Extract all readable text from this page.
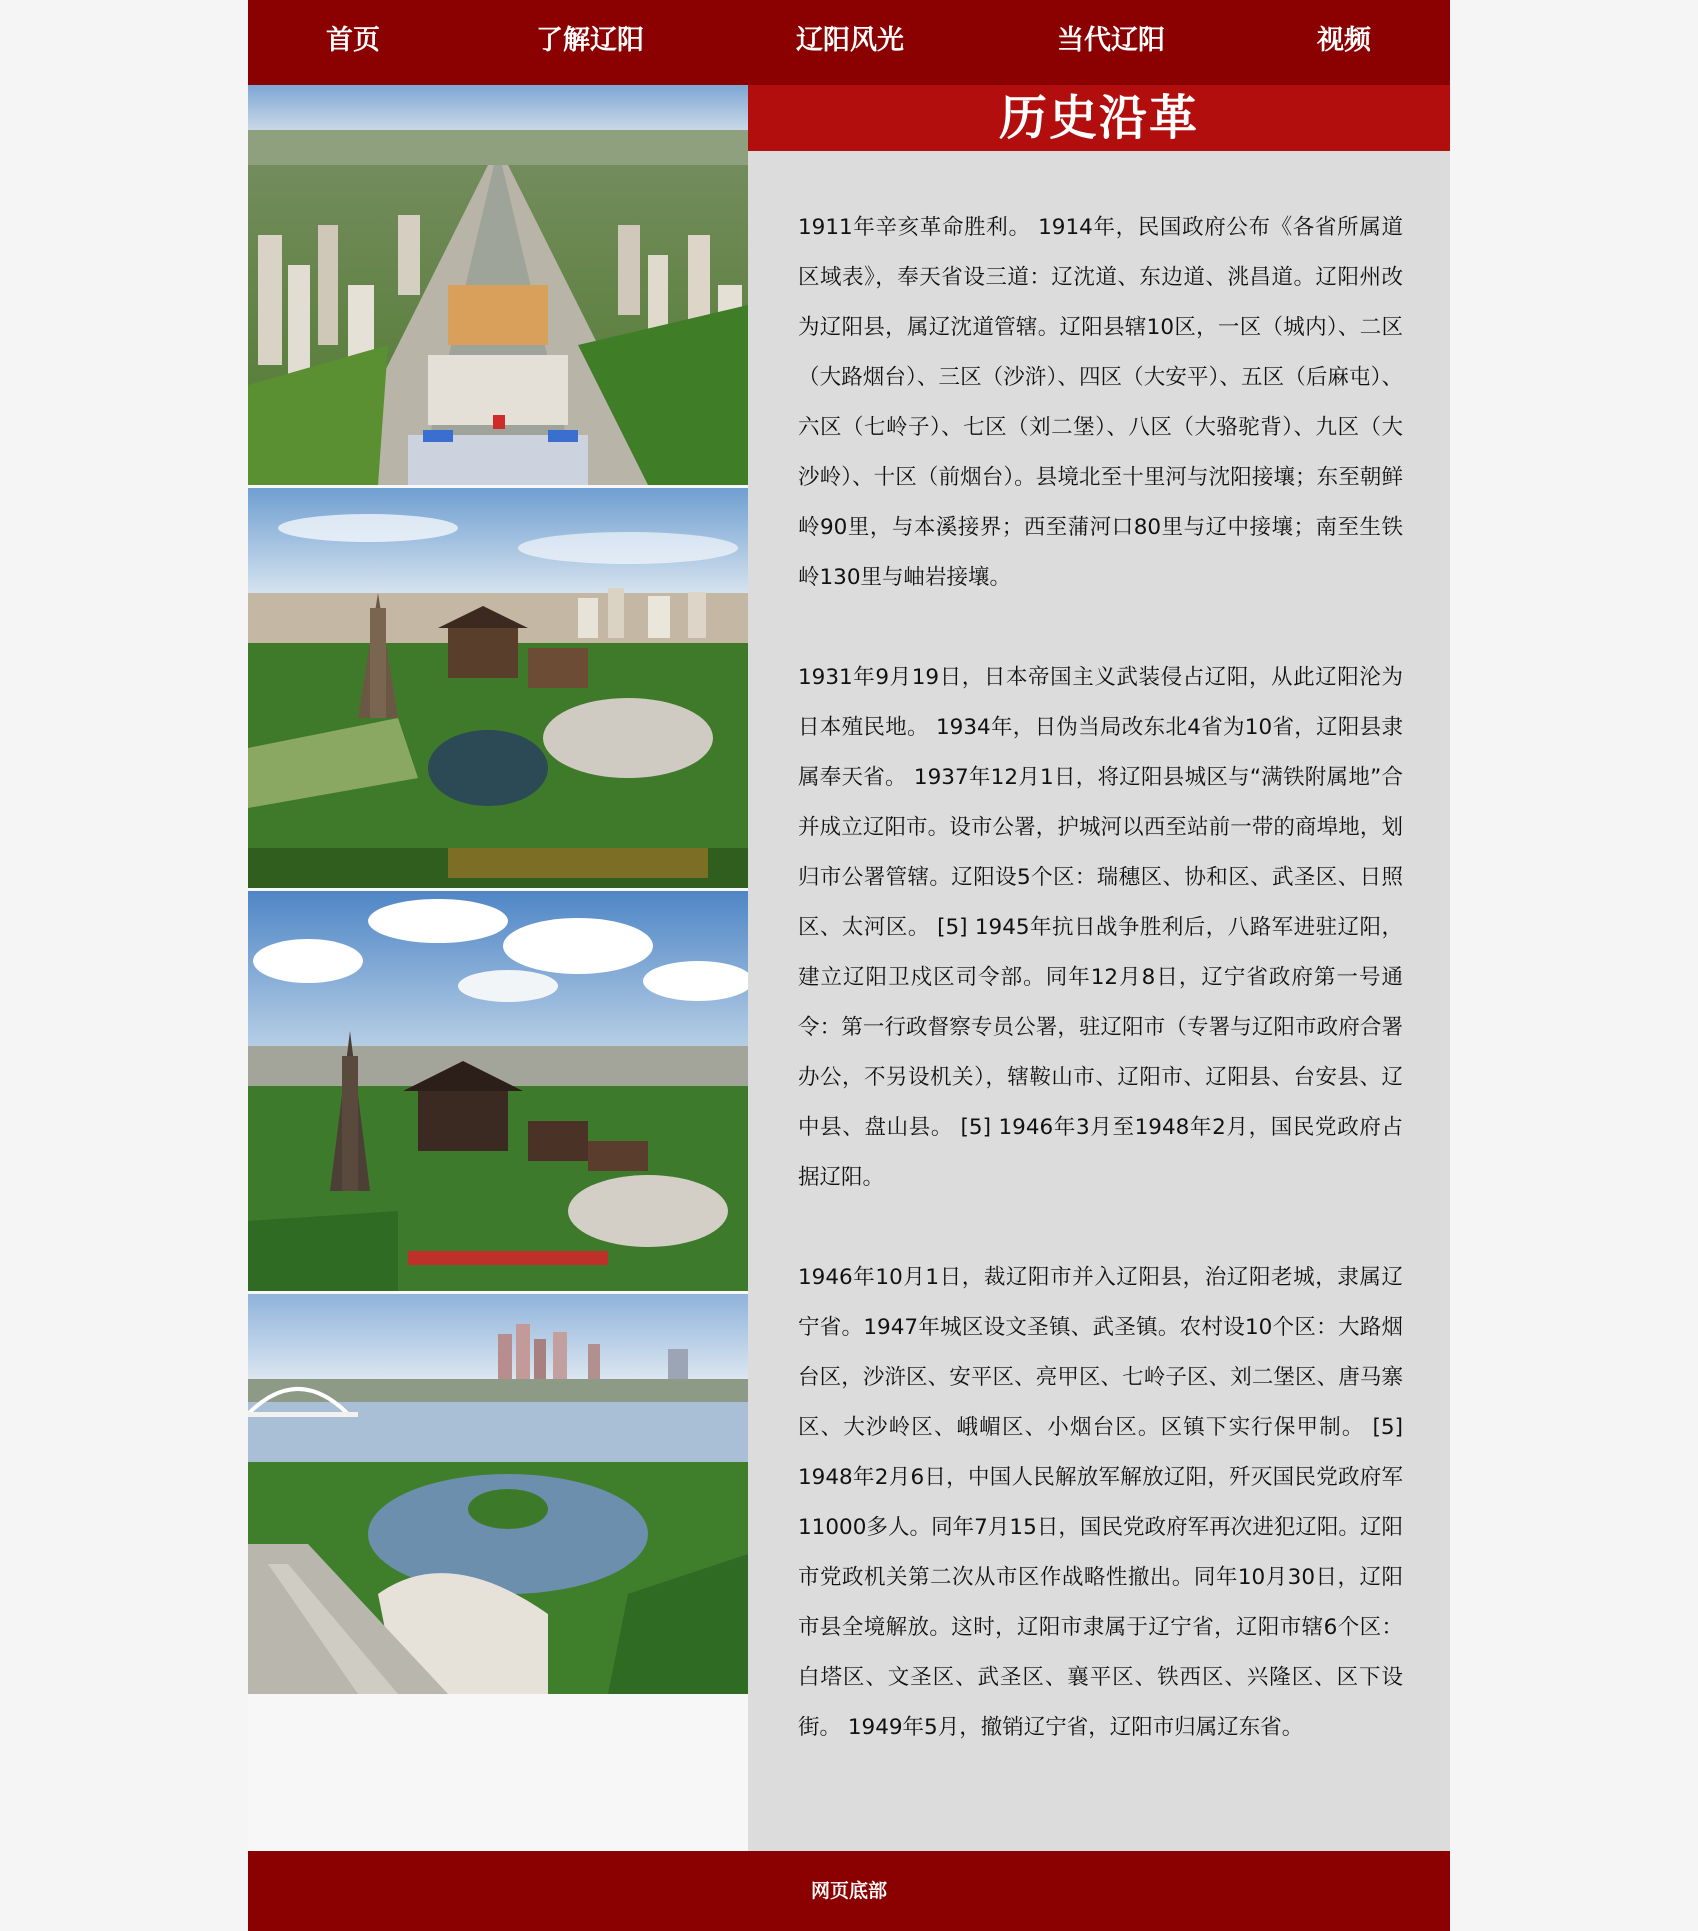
首页	了解辽阳	辽阳风光	当代辽阳	视频
历史沿革

1911年辛亥革命胜利。 1914年，民国政府公布《各省所属道区域表》，奉天省设三道：辽沈道、东边道、洮昌道。辽阳州改为辽阳县，属辽沈道管辖。辽阳县辖10区，一区（城内）、二区（大路烟台）、三区（沙浒）、四区（大安平）、五区（后麻屯）、六区（七岭子）、七区（刘二堡）、八区（大骆驼背）、九区（大沙岭）、十区（前烟台）。县境北至十里河与沈阳接壤；东至朝鲜岭90里，与本溪接界；西至蒲河口80里与辽中接壤；南至生铁岭130里与岫岩接壤。

1931年9月19日，日本帝国主义武装侵占辽阳，从此辽阳沦为日本殖民地。 1934年，日伪当局改东北4省为10省，辽阳县隶属奉天省。 1937年12月1日，将辽阳县城区与“满铁附属地”合并成立辽阳市。设市公署，护城河以西至站前一带的商埠地，划归市公署管辖。辽阳设5个区：瑞穗区、协和区、武圣区、日照区、太河区。 [5] 1945年抗日战争胜利后，八路军进驻辽阳，建立辽阳卫戍区司令部。同年12月8日，辽宁省政府第一号通令：第一行政督察专员公署，驻辽阳市（专署与辽阳市政府合署办公，不另设机关），辖鞍山市、辽阳市、辽阳县、台安县、辽中县、盘山县。 [5] 1946年3月至1948年2月，国民党政府占据辽阳。

1946年10月1日，裁辽阳市并入辽阳县，治辽阳老城，隶属辽宁省。1947年城区设文圣镇、武圣镇。农村设10个区：大路烟台区，沙浒区、安平区、亮甲区、七岭子区、刘二堡区、唐马寨区、大沙岭区、峨嵋区、小烟台区。区镇下实行保甲制。 [5] 1948年2月6日，中国人民解放军解放辽阳，歼灭国民党政府军11000多人。同年7月15日，国民党政府军再次进犯辽阳。辽阳市党政机关第二次从市区作战略性撤出。同年10月30日，辽阳市县全境解放。这时，辽阳市隶属于辽宁省，辽阳市辖6个区：白塔区、文圣区、武圣区、襄平区、铁西区、兴隆区、区下设街。 1949年5月，撤销辽宁省，辽阳市归属辽东省。

网页底部
